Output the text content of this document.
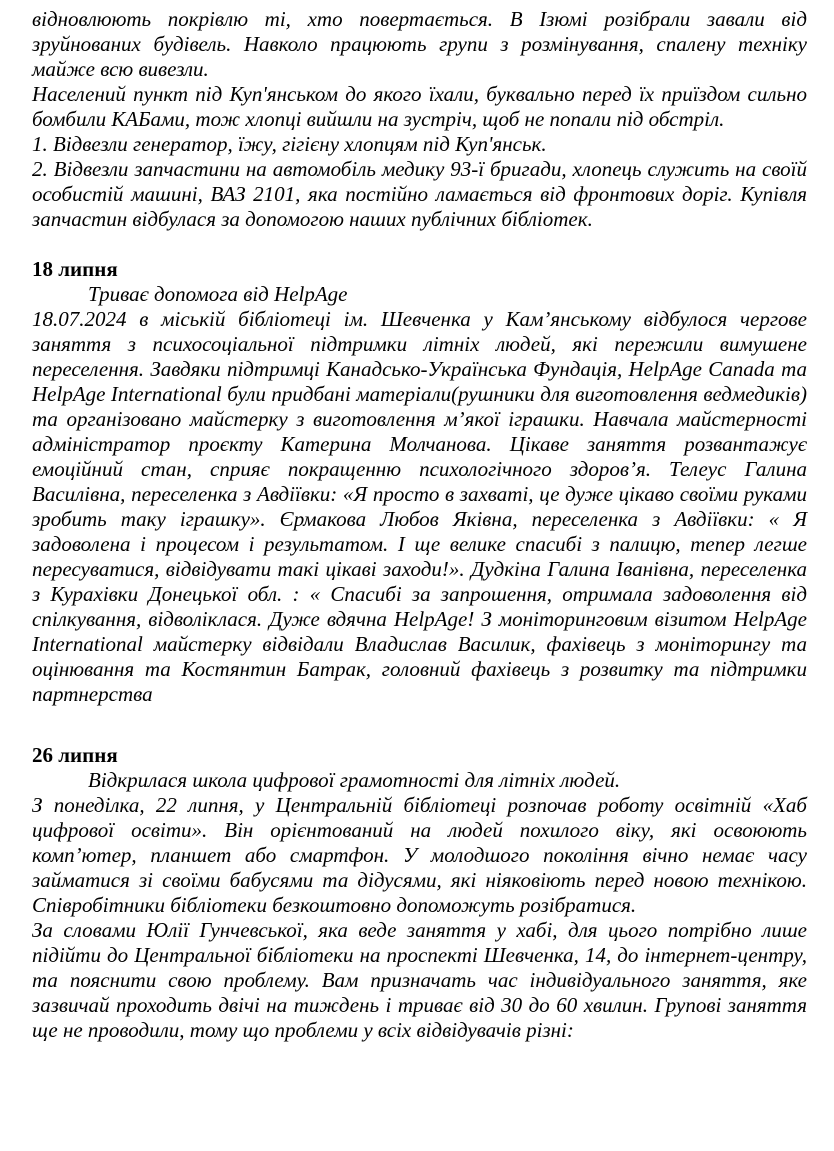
відновлюють покрівлю ті, хто повертається. В Ізюмі розібрали завали від зруйнованих будівель. Навколо працюють групи з розмінування, спалену техніку майже всю вивезли.

Населений пункт під Куп'янськом до якого їхали, буквально перед їх приїздом сильно бомбили КАБами, тож хлопці вийшли на зустріч, щоб не попали під обстріл.

1. Відвезли генератор, їжу, гігієну хлопцям під Куп'янськ.

2. Відвезли запчастини на автомобіль медику 93-ї бригади, хлопець служить на своїй особистій машині, ВАЗ 2101, яка постійно ламається від фронтових доріг. Купівля запчастин відбулася за допомогою наших публічних бібліотек.

18 липня

Триває допомога від HelpAge

18.07.2024 в міській бібліотеці ім. Шевченка у Кам’янському відбулося чергове заняття з психосоціальної підтримки літніх людей, які пережили вимушене переселення. Завдяки підтримці Канадсько-Українська Фундація, HelpAge Canada та HelpAge International були придбані матеріали(рушники для виготовлення ведмедиків) та організовано майстерку з виготовлення м’якої іграшки. Навчала майстерності адміністратор проєкту Катерина Молчанова. Цікаве заняття розвантажує емоційний стан, сприяє покращенню психологічного здоров’я. Телеус Галина Василівна, переселенка з Авдіївки: «Я просто в захваті, це дуже цікаво своїми руками зробить таку іграшку». Єрмакова Любов Яківна, переселенка з Авдіївки: « Я задоволена і процесом і результатом. І ще велике спасибі з палицю, тепер легше пересуватися, відвідувати такі цікаві заходи!». Дудкіна Галина Іванівна, переселенка з Курахівки Донецької обл. : « Спасибі за запрошення, отримала задоволення від спілкування, відволіклася. Дуже вдячна HelpAge! З моніторинговим візитом HelpAge International майстерку відвідали Владислав Василик, фахівець з моніторингу та оцінювання та Костянтин Батрак, головний фахівець з розвитку та підтримки партнерства

26 липня

Відкрилася школа цифрової грамотності для літніх людей.

З понеділка, 22 липня, у Центральній бібліотеці розпочав роботу освітній «Хаб цифрової освіти». Він орієнтований на людей похилого віку, які освоюють комп’ютер, планшет або смартфон. У молодшого покоління вічно немає часу займатися зі своїми бабусями та дідусями, які ніяковіють перед новою технікою. Співробітники бібліотеки безкоштовно допоможуть розібратися.

За словами Юлії Гунчевської, яка веде заняття у хабі, для цього потрібно лише підійти до Центральної бібліотеки на проспекті Шевченка, 14, до інтернет-центру, та пояснити свою проблему. Вам призначать час індивідуального заняття, яке зазвичай проходить двічі на тиждень і триває від 30 до 60 хвилин. Групові заняття ще не проводили, тому що проблеми у всіх відвідувачів різні:
